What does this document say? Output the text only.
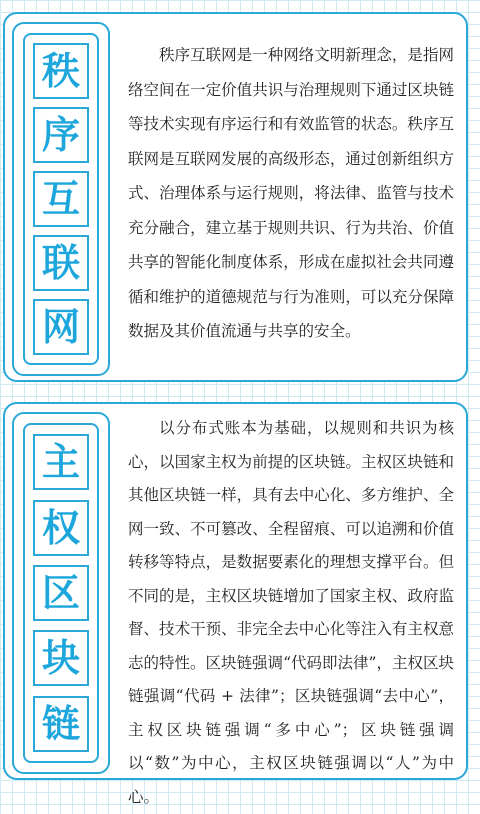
秩
序
互
联
网

秩序互联网是一种网络文明新理念，是指网络空间在一定价值共识与治理规则下通过区块链等技术实现有序运行和有效监管的状态。秩序互联网是互联网发展的高级形态，通过创新组织方式、治理体系与运行规则，将法律、监管与技术充分融合，建立基于规则共识、行为共治、价值共享的智能化制度体系，形成在虚拟社会共同遵循和维护的道德规范与行为准则，可以充分保障数据及其价值流通与共享的安全。

主
权
区
块
链

以分布式账本为基础，以规则和共识为核心，以国家主权为前提的区块链。主权区块链和其他区块链一样，具有去中心化、多方维护、全网一致、不可篡改、全程留痕、可以追溯和价值转移等特点，是数据要素化的理想支撑平台。但不同的是，主权区块链增加了国家主权、政府监督、技术干预、非完全去中心化等注入有主权意志的特性。区块链强调“代码即法律”，主权区块链强调“代码 + 法律”；区块链强调“去中心”，主权区块链强调“多中心”；区块链强调以“数”为中心，主权区块链强调以“人”为中心。
